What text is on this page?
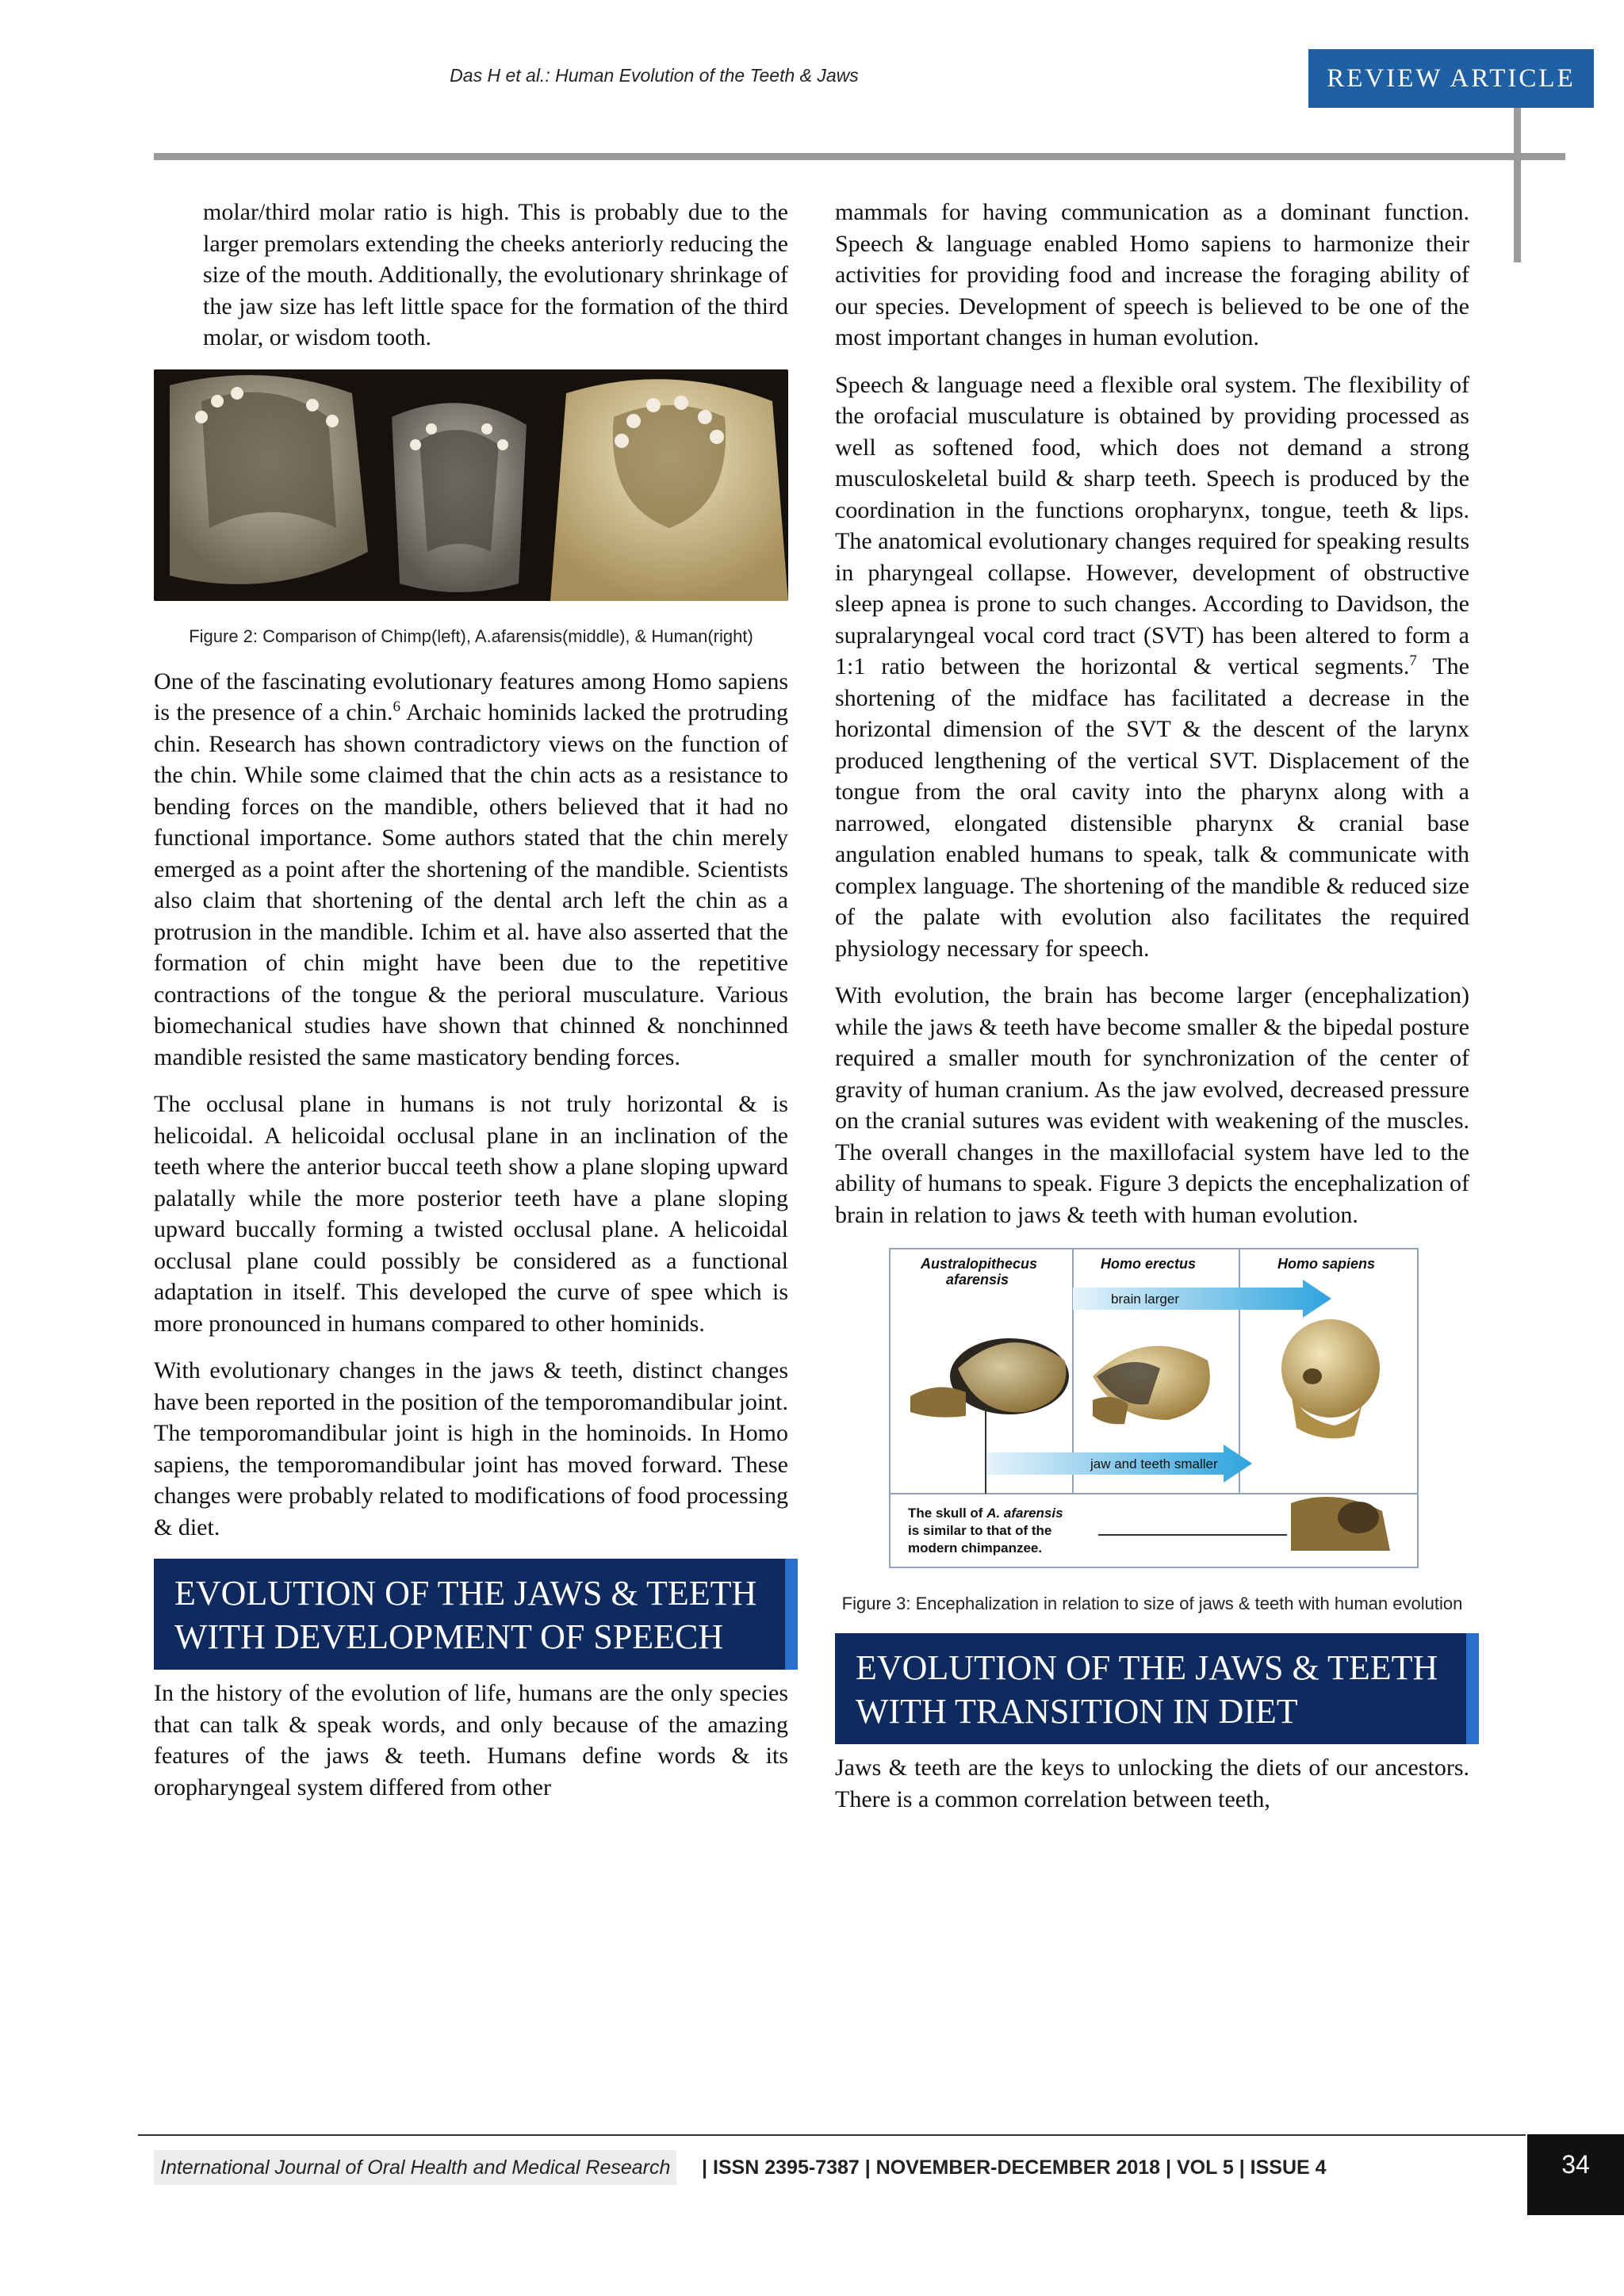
Das H et al.: Human Evolution of the Teeth & Jaws	REVIEW ARTICLE

molar/third molar ratio is high. This is probably due to the larger premolars extending the cheeks anteriorly reducing the size of the mouth. Additionally, the evolutionary shrinkage of the jaw size has left little space for the formation of the third molar, or wisdom tooth.

Figure 2: Comparison of Chimp(left), A.afarensis(middle), & Human(right)

One of the fascinating evolutionary features among Homo sapiens is the presence of a chin.$^6$ Archaic hominids lacked the protruding chin. Research has shown contradictory views on the function of the chin. While some claimed that the chin acts as a resistance to bending forces on the mandible, others believed that it had no functional importance. Some authors stated that the chin merely emerged as a point after the shortening of the mandible. Scientists also claim that shortening of the dental arch left the chin as a protrusion in the mandible. Ichim et al. have also asserted that the formation of chin might have been due to the repetitive contractions of the tongue & the perioral musculature. Various biomechanical studies have shown that chinned & nonchinned mandible resisted the same masticatory bending forces.

The occlusal plane in humans is not truly horizontal & is helicoidal. A helicoidal occlusal plane in an inclination of the teeth where the anterior buccal teeth show a plane sloping upward palatally while the more posterior teeth have a plane sloping upward buccally forming a twisted occlusal plane. A helicoidal occlusal plane could possibly be considered as a functional adaptation in itself. This developed the curve of spee which is more pronounced in humans compared to other hominids.

With evolutionary changes in the jaws & teeth, distinct changes have been reported in the position of the temporomandibular joint. The temporomandibular joint is high in the hominoids. In Homo sapiens, the temporomandibular joint has moved forward. These changes were probably related to modifications of food processing & diet.

EVOLUTION OF THE JAWS & TEETH WITH DEVELOPMENT OF SPEECH

In the history of the evolution of life, humans are the only species that can talk & speak words, and only because of the amazing features of the jaws & teeth. Humans define words & its oropharyngeal system differed from other

mammals for having communication as a dominant function. Speech & language enabled Homo sapiens to harmonize their activities for providing food and increase the foraging ability of our species. Development of speech is believed to be one of the most important changes in human evolution.

Speech & language need a flexible oral system. The flexibility of the orofacial musculature is obtained by providing processed as well as softened food, which does not demand a strong musculoskeletal build & sharp teeth. Speech is produced by the coordination in the functions oropharynx, tongue, teeth & lips. The anatomical evolutionary changes required for speaking results in pharyngeal collapse. However, development of obstructive sleep apnea is prone to such changes. According to Davidson, the supralaryngeal vocal cord tract (SVT) has been altered to form a 1:1 ratio between the horizontal & vertical segments.$^7$ The shortening of the midface has facilitated a decrease in the horizontal dimension of the SVT & the descent of the larynx produced lengthening of the vertical SVT. Displacement of the tongue from the oral cavity into the pharynx along with a narrowed, elongated distensible pharynx & cranial base angulation enabled humans to speak, talk & communicate with complex language. The shortening of the mandible & reduced size of the palate with evolution also facilitates the required physiology necessary for speech.

With evolution, the brain has become larger (encephalization) while the jaws & teeth have become smaller & the bipedal posture required a smaller mouth for synchronization of the center of gravity of human cranium. As the jaw evolved, decreased pressure on the cranial sutures was evident with weakening of the muscles. The overall changes in the maxillofacial system have led to the ability of humans to speak. Figure 3 depicts the encephalization of brain in relation to jaws & teeth with human evolution.

Australopithecus
afarensis
Homo erectus	Homo sapiens
brain larger
jaw and teeth smaller
The skull of A. afarensis
is similar to that of the
modern chimpanzee.
Figure 3: Encephalization in relation to size of jaws & teeth with human evolution
EVOLUTION OF THE JAWS & TEETH WITH TRANSITION IN DIET

Jaws & teeth are the keys to unlocking the diets of our ancestors. There is a common correlation between teeth,

International Journal of Oral Health and Medical Research	| ISSN 2395-7387 | NOVEMBER-DECEMBER 2018 | VOL 5 | ISSUE 4	34
